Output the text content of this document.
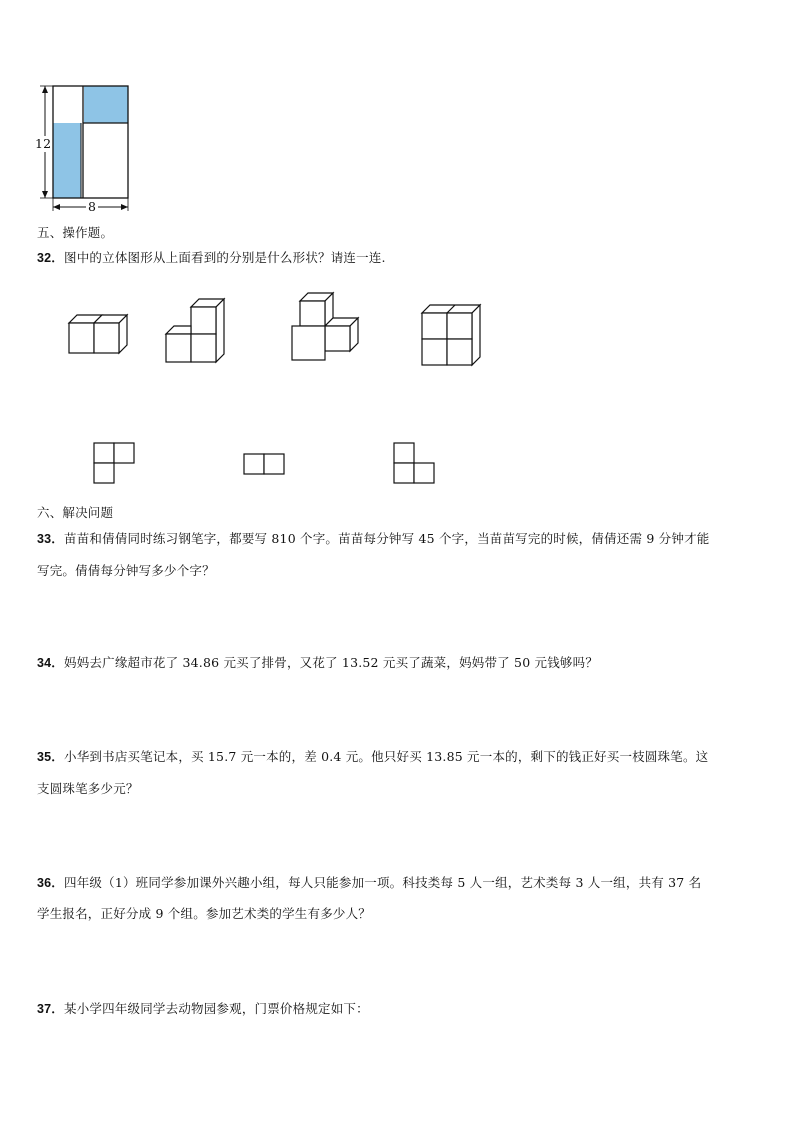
12
8
五、操作题。
32．图中的立体图形从上面看到的分别是什么形状？请连一连.
六、解决问题
33．苗苗和倩倩同时练习钢笔字，都要写 810 个字。苗苗每分钟写 45 个字，当苗苗写完的时候，倩倩还需 9 分钟才能
写完。倩倩每分钟写多少个字？
34．妈妈去广缘超市花了 34.86 元买了排骨，又花了 13.52 元买了蔬菜，妈妈带了 50 元钱够吗？
35．小华到书店买笔记本，买 15.7 元一本的，差 0.4 元。他只好买 13.85 元一本的，剩下的钱正好买一枝圆珠笔。这
支圆珠笔多少元？
36．四年级（1）班同学参加课外兴趣小组，每人只能参加一项。科技类每 5 人一组，艺术类每 3 人一组，共有 37 名
学生报名，正好分成 9 个组。参加艺术类的学生有多少人？
37．某小学四年级同学去动物园参观，门票价格规定如下：
